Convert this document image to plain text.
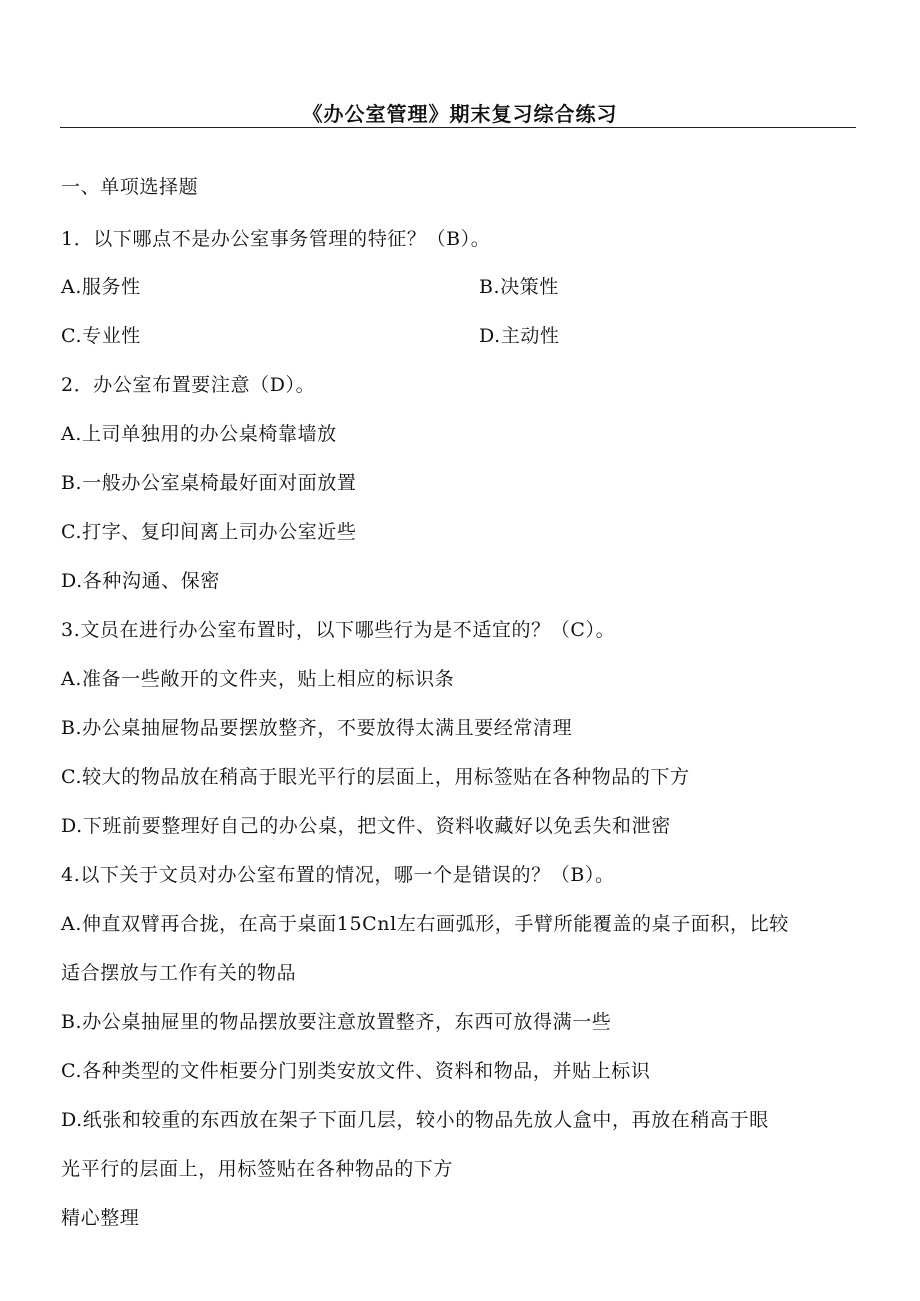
《办公室管理》期末复习综合练习
一、单项选择题
1．以下哪点不是办公室事务管理的特征？（B）。
A.服务性	B.决策性
C.专业性	D.主动性
2．办公室布置要注意（D）。
A.上司单独用的办公桌椅靠墙放
B.一般办公室桌椅最好面对面放置
C.打字、复印间离上司办公室近些
D.各种沟通、保密
3.文员在进行办公室布置时，以下哪些行为是不适宜的？（C）。
A.准备一些敞开的文件夹，贴上相应的标识条
B.办公桌抽屉物品要摆放整齐，不要放得太满且要经常清理
C.较大的物品放在稍高于眼光平行的层面上，用标签贴在各种物品的下方
D.下班前要整理好自己的办公桌，把文件、资料收藏好以免丢失和泄密
4.以下关于文员对办公室布置的情况，哪一个是错误的？（B）。
A.伸直双臂再合拢，在高于桌面15Cnl左右画弧形，手臂所能覆盖的桌子面积，比较
适合摆放与工作有关的物品
B.办公桌抽屉里的物品摆放要注意放置整齐，东西可放得满一些
C.各种类型的文件柜要分门别类安放文件、资料和物品，并贴上标识
D.纸张和较重的东西放在架子下面几层，较小的物品先放人盒中，再放在稍高于眼
光平行的层面上，用标签贴在各种物品的下方
精心整理
